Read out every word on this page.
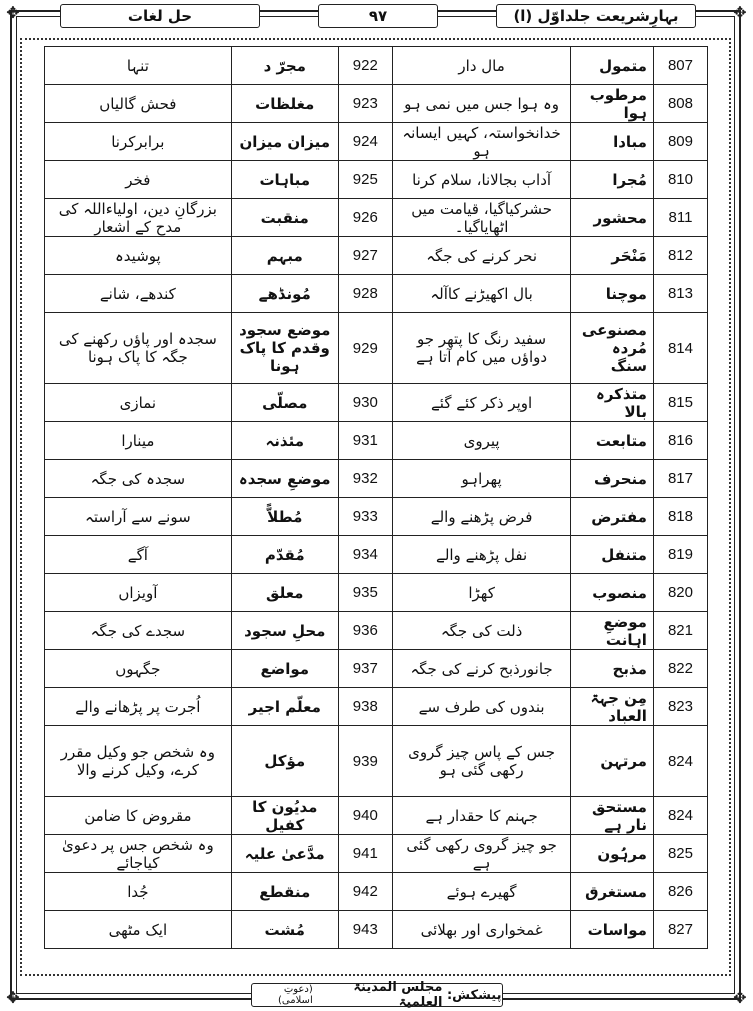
✥	✥
✥	✥
بہارِشریعت جلداوّل (ا)
۹۷
حل لغات
807	متمول	مال دار	922	مجرّ د	تنہا
808	مرطوب ہوا	وہ ہوا جس میں نمی ہو	923	مغلظات	فحش گالیاں
809	مبادا	خدانخواستہ، کہیں ایسانہ ہو	924	میزان میزان	برابرکرنا
810	مُجرا	آداب بجالانا، سلام کرنا	925	مباہات	فخر
811	محشور	حشرکیاگیا، قیامت میں اٹھایاگیا۔	926	منقبت	بزرگانِ دین، اولیاءاللہ کی مدح کے اشعار
812	مَنْحَر	نحر کرنے کی جگہ	927	مبہم	پوشیدہ
813	موچنا	بال اکھیڑنے کاآلہ	928	مُونڈھے	کندھے، شانے
814	مصنوعی مُردہ سنگ	سفید رنگ کا پتھر جو دواؤں میں کام آتا ہے	929	موضع سجود وقدم کا پاک ہونا	سجدہ اور پاؤں رکھنے کی جگہ کا پاک ہونا
815	متذکرہ بالا	اوپر ذکر کئے گئے	930	مصلّی	نمازی
816	متابعت	پیروی	931	مئذنہ	مینارا
817	منحرف	پھراہو	932	موضعِ سجدہ	سجدہ کی جگہ
818	مفترض	فرض پڑھنے والے	933	مُطلاًّ	سونے سے آراستہ
819	متنفل	نفل پڑھنے والے	934	مُقدّم	آگے
820	منصوب	کھڑا	935	معلق	آویزاں
821	موضعِ اہانت	ذلت کی جگہ	936	محلِ سجود	سجدے کی جگہ
822	مذبح	جانورذبح کرنے کی جگہ	937	مواضع	جگہوں
823	مِن جہۃ العباد	بندوں کی طرف سے	938	معلّم اجیر	اُجرت پر پڑھانے والے
824	مرتہن	جس کے پاس چیز گروی رکھی گئی ہو	939	مؤکل	وہ شخص جو وکیل مقرر کرے، وکیل کرنے والا
824	مستحق نار ہے	جہنم کا حقدار ہے	940	مدیُون کا کفیل	مقروض کا ضامن
825	مرہُون	جو چیز گروی رکھی گئی ہے	941	مدَّعیٰ علیہ	وہ شخص جس پر دعویٰ کیاجائے
826	مستغرق	گھیرے ہوئے	942	منقطع	جُدا
827	مواسات	غمخواری اور بھلائی	943	مُشت	ایک مٹھی
پیشکش:

مجلس المدینۃ العلمیۃ
(دعوتِ اسلامی)
